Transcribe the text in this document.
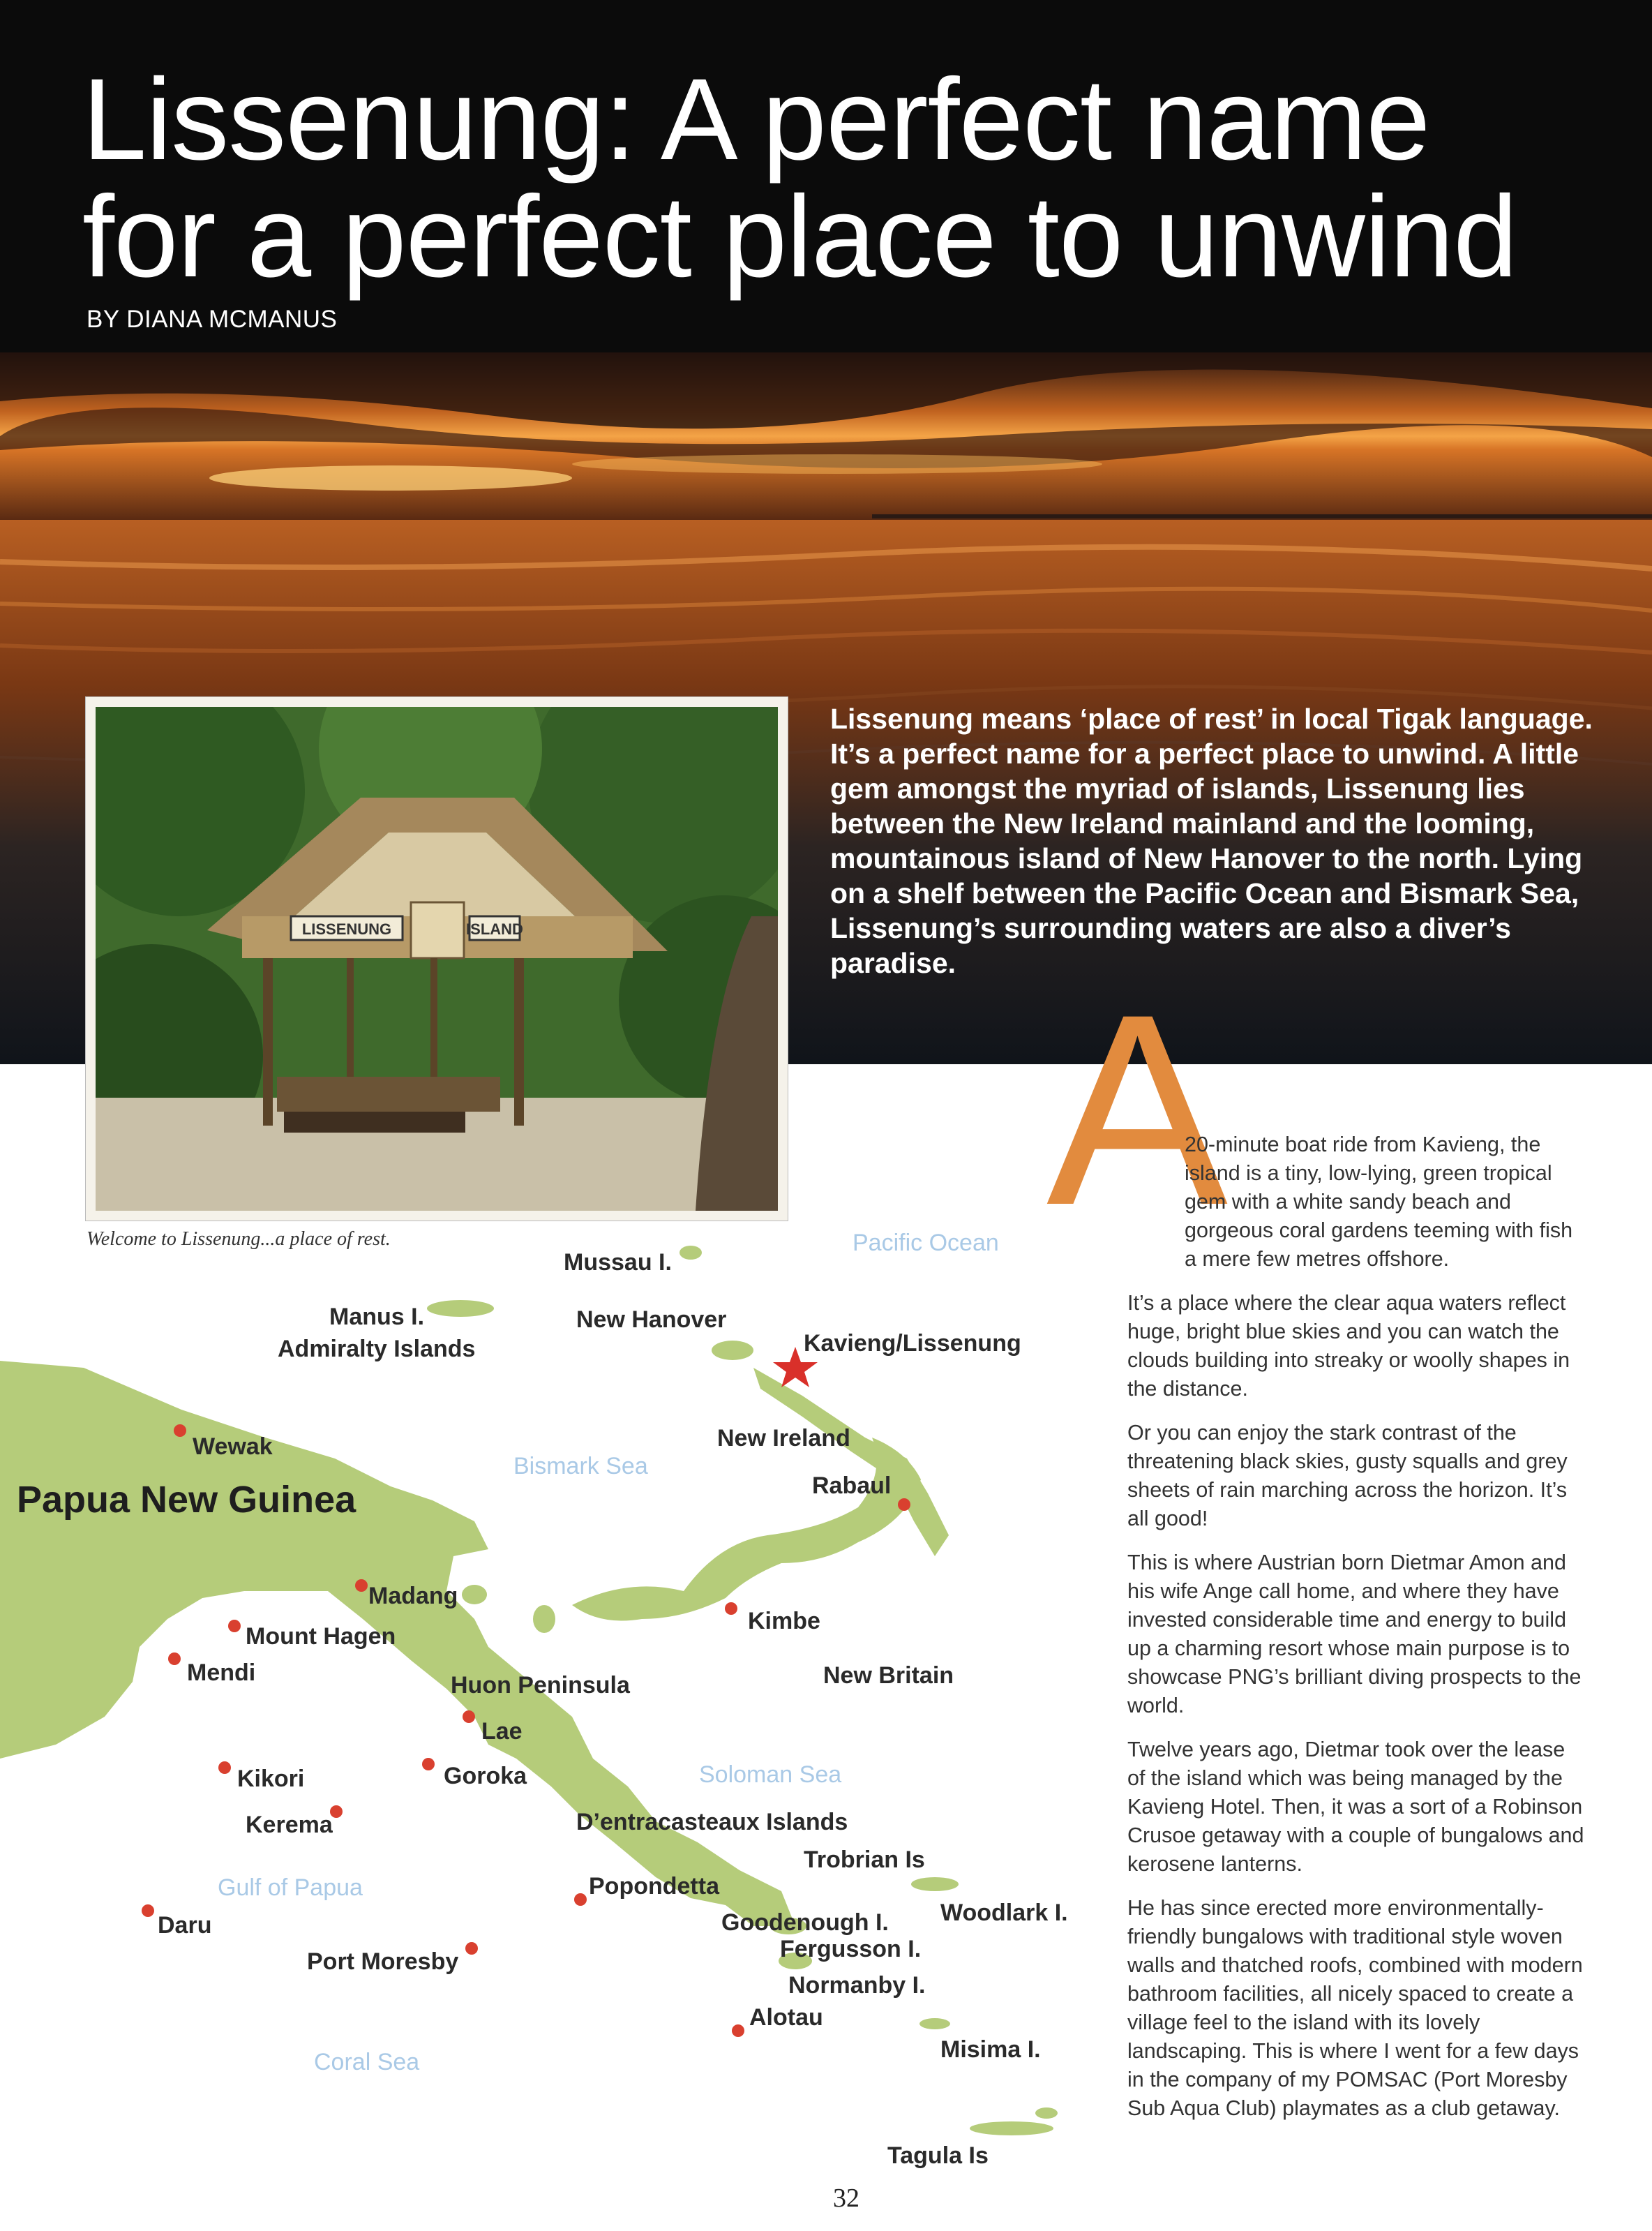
Lissenung: A perfect name
for a perfect place to unwind
BY DIANA MCMANUS
LISSENUNG	ISLAND
Welcome to Lissenung...a place of rest.

Lissenung means ‘place of rest’ in local Tigak language. It’s a perfect name for a perfect place to unwind. A little gem amongst the myriad of islands, Lissenung lies between the New Ireland mainland and the looming, mountainous island of New Hanover to the north. Lying on a shelf between the Pacific Ocean and Bismark Sea, Lissenung’s surrounding waters are also a diver’s paradise. A

20-minute boat ride from Kavieng, the island is a tiny, low-lying, green tropical gem with a white sandy beach and gorgeous coral gardens teeming with fish a mere few metres offshore.

It’s a place where the clear aqua waters reflect huge, bright blue skies and you can watch the clouds building into streaky or woolly shapes in the distance.

Or you can enjoy the stark contrast of the threatening black skies, gusty squalls and grey sheets of rain marching across the horizon. It’s all good!

This is where Austrian born Dietmar Amon and his wife Ange call home, and where they have invested considerable time and energy to build up a charming resort whose main purpose is to showcase PNG’s brilliant diving prospects to the world.

Twelve years ago, Dietmar took over the lease of the island which was being managed by the Kavieng Hotel. Then, it was a sort of a Robinson Crusoe getaway with a couple of bungalows and kerosene lanterns.

He has since erected more environmentally-friendly bungalows with traditional style woven walls and thatched roofs, combined with modern bathroom facilities, all nicely spaced to create a village feel to the island with its lovely landscaping. This is where I went for a few days in the company of my POMSAC (Port Moresby Sub Aqua Club) playmates as a club getaway.

Papua New Guinea
Pacific Ocean
Bismark Sea
Soloman Sea
Gulf of Papua
Coral Sea
Mussau I.
Manus I.
Admiralty Islands
New Hanover
Kavieng/Lissenung
Wewak	New Ireland
Rabaul
Madang
Kimbe
Mount Hagen
Mendi	New Britain
Huon Peninsula
Lae
Kikori	Goroka
Kerema	D’entracasteaux Islands
Trobrian Is
Popondetta
Daru	Goodenough I. Woodlark I.
Fergusson I.
Port Moresby
Normanby I.
Alotau
Misima I.
Tagula Is
32
